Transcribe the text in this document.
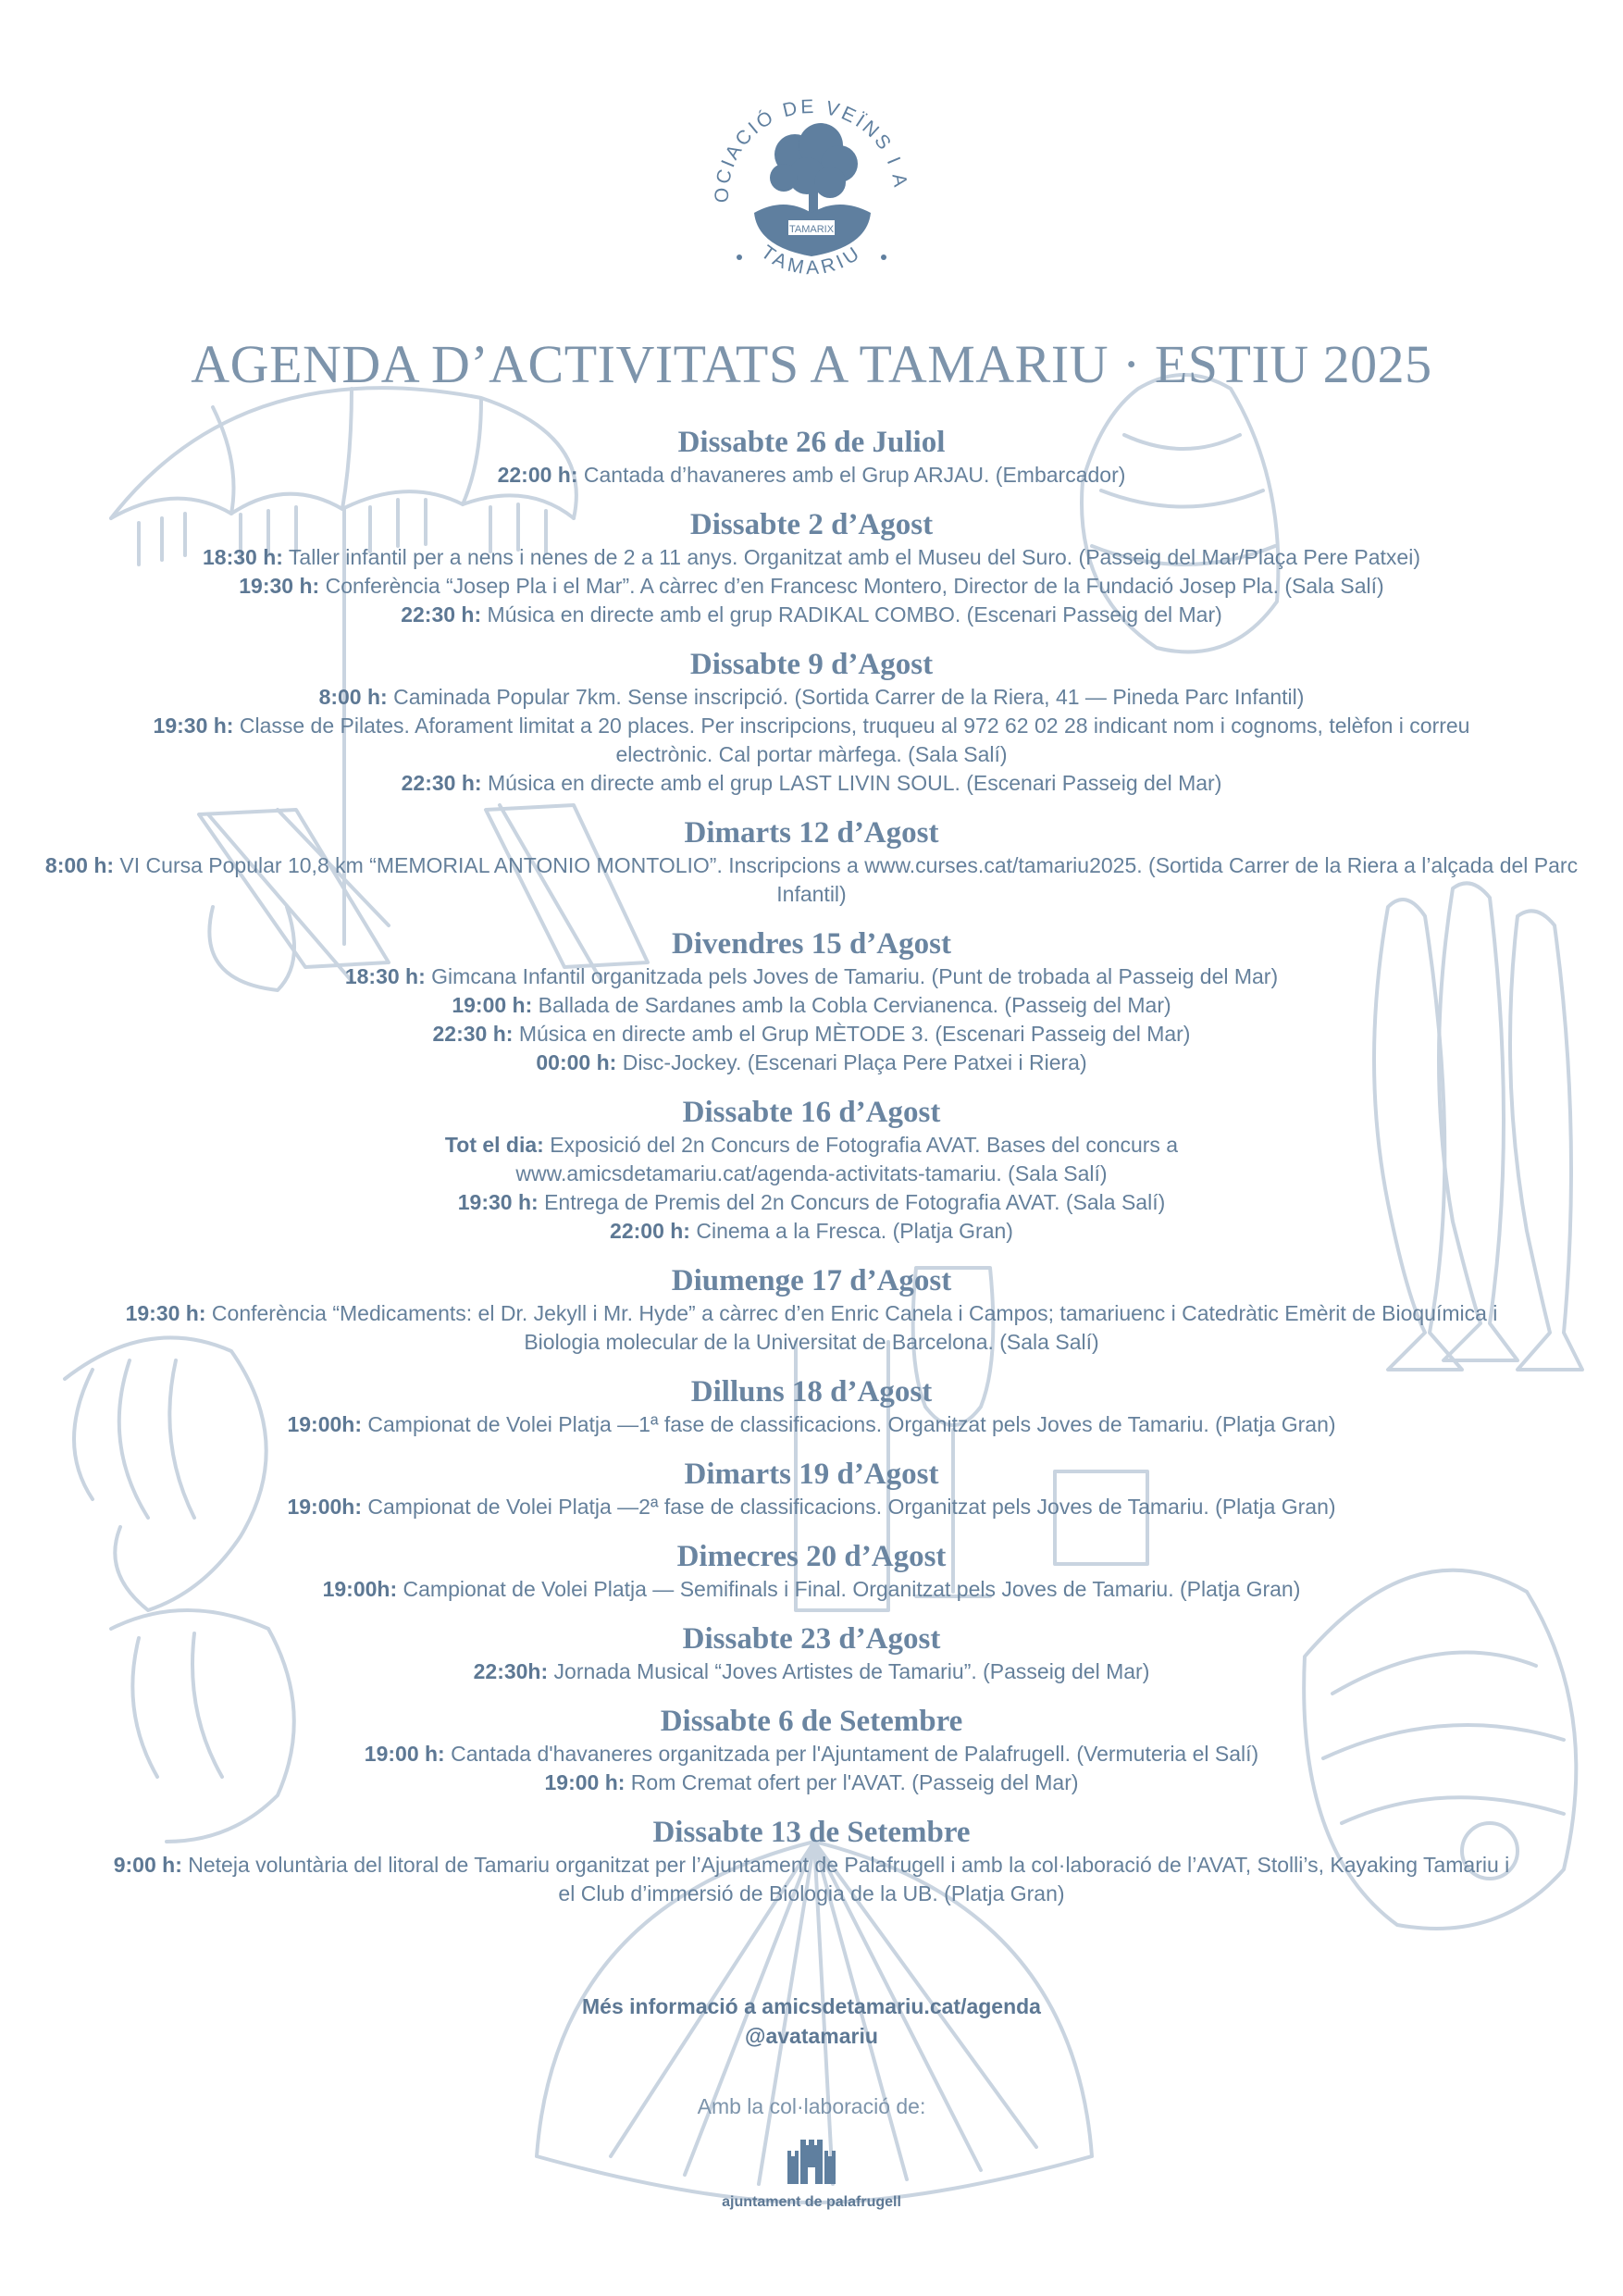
OCIACIÓ DE VEÏNS I A
TAMARIU
TAMARIX
AGENDA D’ACTIVITATS A TAMARIU · ESTIU 2025
Dissabte 26 de Juliol
22:00 h: Cantada d’havaneres amb el Grup ARJAU. (Embarcador)
Dissabte 2 d’Agost
18:30 h: Taller infantil per a nens i nenes de 2 a 11 anys. Organitzat amb el Museu del Suro. (Passeig del Mar/Plaça Pere Patxei)
19:30 h: Conferència “Josep Pla i el Mar”. A càrrec d’en Francesc Montero, Director de la Fundació Josep Pla. (Sala Salí)
22:30 h: Música en directe amb el grup RADIKAL COMBO. (Escenari Passeig del Mar)
Dissabte 9 d’Agost
8:00 h: Caminada Popular 7km. Sense inscripció. (Sortida Carrer de la Riera, 41 — Pineda Parc Infantil)
19:30 h: Classe de Pilates. Aforament limitat a 20 places. Per inscripcions, truqueu al 972 62 02 28 indicant nom i cognoms, telèfon i correu electrònic. Cal portar màrfega. (Sala Salí)
22:30 h: Música en directe amb el grup LAST LIVIN SOUL. (Escenari Passeig del Mar)
Dimarts 12 d’Agost
8:00 h: VI Cursa Popular 10,8 km “MEMORIAL ANTONIO MONTOLIO”. Inscripcions a www.curses.cat/tamariu2025. (Sortida Carrer de la Riera a l’alçada del Parc Infantil)
Divendres 15 d’Agost
18:30 h: Gimcana Infantil organitzada pels Joves de Tamariu. (Punt de trobada al Passeig del Mar)
19:00 h: Ballada de Sardanes amb la Cobla Cervianenca. (Passeig del Mar)
22:30 h: Música en directe amb el Grup MÈTODE 3. (Escenari Passeig del Mar)
00:00 h: Disc-Jockey. (Escenari Plaça Pere Patxei i Riera)
Dissabte 16 d’Agost
Tot el dia: Exposició del 2n Concurs de Fotografia AVAT. Bases del concurs a www.amicsdetamariu.cat/agenda-activitats-tamariu. (Sala Salí)
19:30 h: Entrega de Premis del 2n Concurs de Fotografia AVAT. (Sala Salí)
22:00 h: Cinema a la Fresca. (Platja Gran)
Diumenge 17 d’Agost
19:30 h: Conferència “Medicaments: el Dr. Jekyll i Mr. Hyde” a càrrec d’en Enric Canela i Campos; tamariuenc i Catedràtic Emèrit de Bioquímica i Biologia molecular de la Universitat de Barcelona. (Sala Salí)
Dilluns 18 d’Agost
19:00h: Campionat de Volei Platja —1ª fase de classificacions. Organitzat pels Joves de Tamariu. (Platja Gran)
Dimarts 19 d’Agost
19:00h: Campionat de Volei Platja —2ª fase de classificacions. Organitzat pels Joves de Tamariu. (Platja Gran)
Dimecres 20 d’Agost
19:00h: Campionat de Volei Platja — Semifinals i Final. Organitzat pels Joves de Tamariu. (Platja Gran)
Dissabte 23 d’Agost
22:30h: Jornada Musical “Joves Artistes de Tamariu”. (Passeig del Mar)
Dissabte 6 de Setembre
19:00 h: Cantada d'havaneres organitzada per l'Ajuntament de Palafrugell. (Vermuteria el Salí)
19:00 h: Rom Cremat ofert per l'AVAT. (Passeig del Mar)
Dissabte 13 de Setembre
9:00 h: Neteja voluntària del litoral de Tamariu organitzat per l’Ajuntament de Palafrugell i amb la col·laboració de l’AVAT, Stolli’s, Kayaking Tamariu i el Club d’immersió de Biologia de la UB. (Platja Gran)
Més informació a amicsdetamariu.cat/agenda
@avatamariu
Amb la col·laboració de:
ajuntament de palafrugell
